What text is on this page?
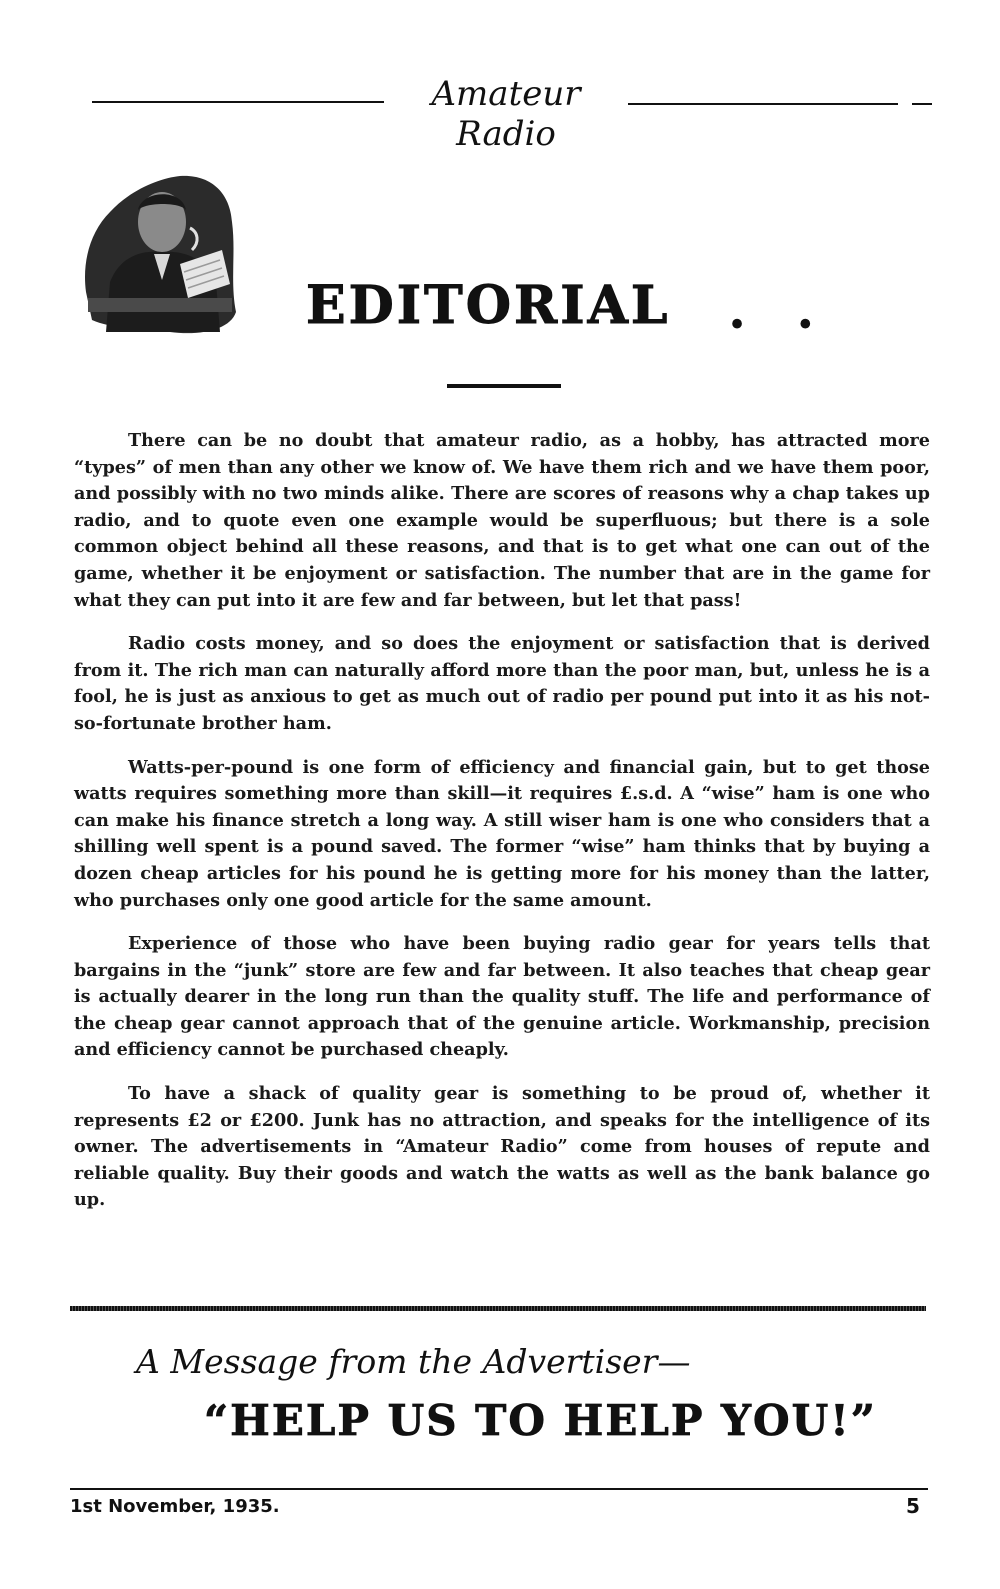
Amateur Radio
EDITORIAL . .

There can be no doubt that amateur radio, as a hobby, has attracted more “types” of men than any other we know of. We have them rich and we have them poor, and possibly with no two minds alike. There are scores of reasons why a chap takes up radio, and to quote even one example would be superfluous; but there is a sole common object behind all these reasons, and that is to get what one can out of the game, whether it be enjoyment or satisfaction. The number that are in the game for what they can put into it are few and far between, but let that pass!

Radio costs money, and so does the enjoyment or satisfaction that is derived from it. The rich man can naturally afford more than the poor man, but, unless he is a fool, he is just as anxious to get as much out of radio per pound put into it as his not-so-fortunate brother ham.

Watts-per-pound is one form of efficiency and financial gain, but to get those watts requires something more than skill—it requires £.s.d. A “wise” ham is one who can make his finance stretch a long way. A still wiser ham is one who considers that a shilling well spent is a pound saved. The former “wise” ham thinks that by buying a dozen cheap articles for his pound he is getting more for his money than the latter, who purchases only one good article for the same amount.

Experience of those who have been buying radio gear for years tells that bargains in the “junk” store are few and far between. It also teaches that cheap gear is actually dearer in the long run than the quality stuff. The life and performance of the cheap gear cannot approach that of the genuine article. Workmanship, precision and efficiency cannot be purchased cheaply.

To have a shack of quality gear is something to be proud of, whether it represents £2 or £200. Junk has no attraction, and speaks for the intelligence of its owner. The advertisements in “Amateur Radio” come from houses of repute and reliable quality. Buy their goods and watch the watts as well as the bank balance go up.

A Message from the Advertiser—
“HELP US TO HELP YOU!”
1st November, 1935.	5
